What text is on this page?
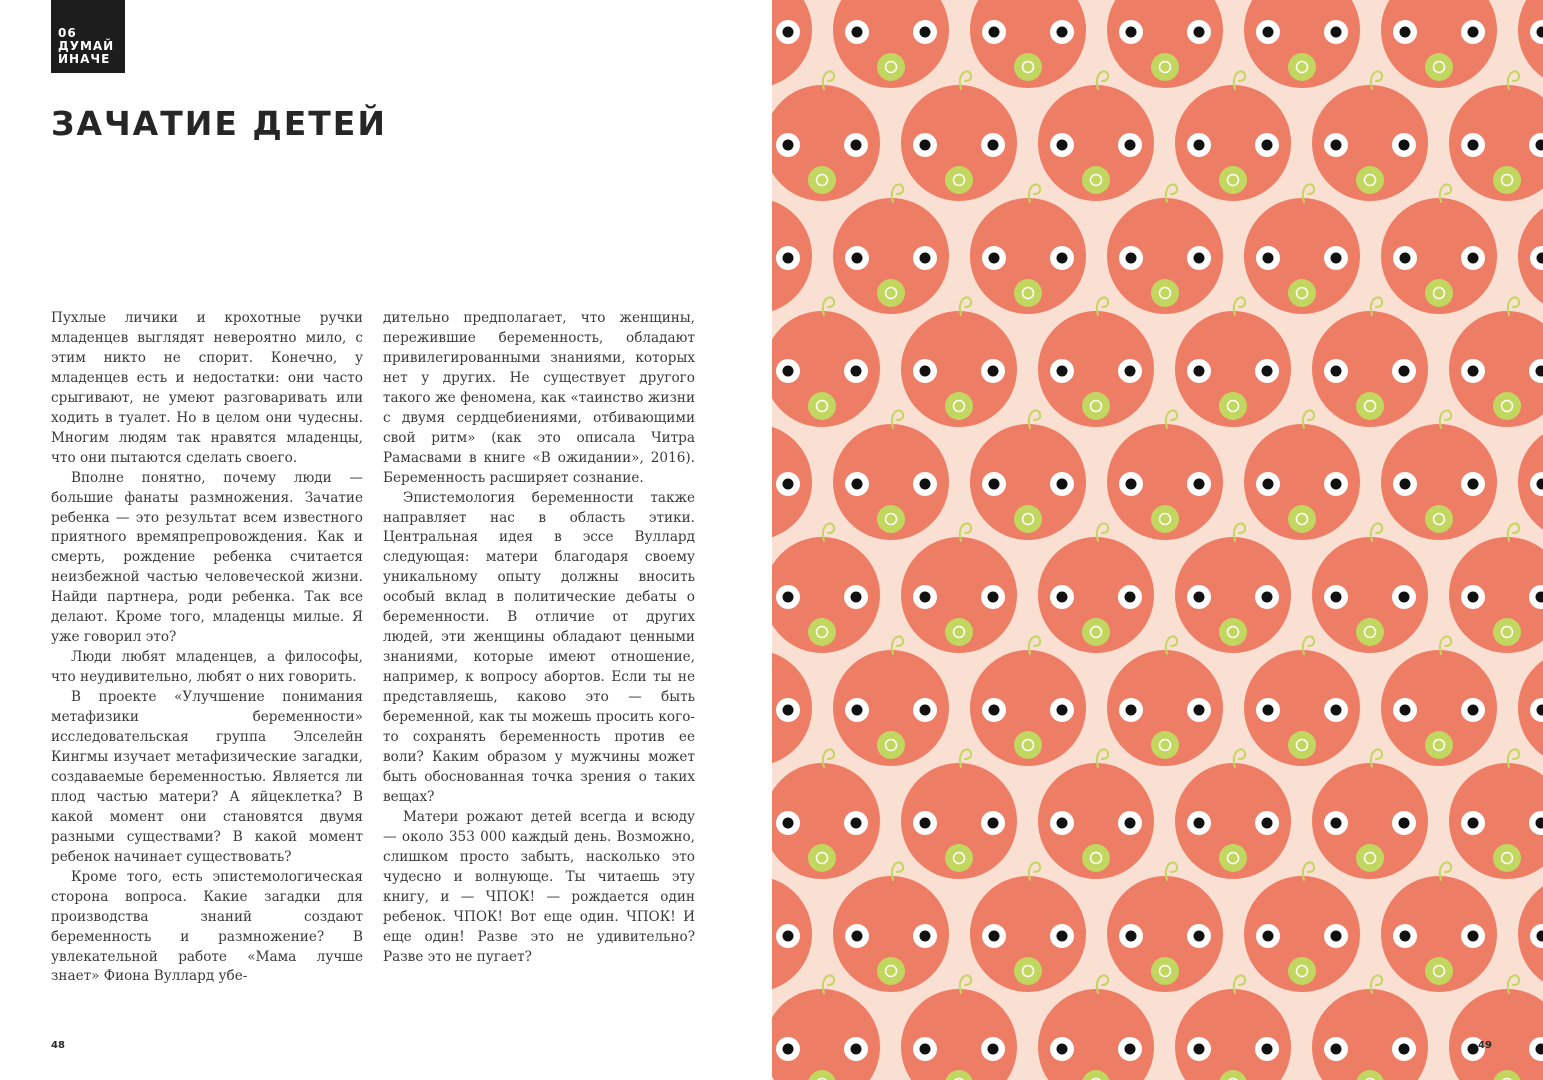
06
ДУМАЙ
ИНАЧЕ
ЗАЧАТИЕ ДЕТЕЙ

Пухлые личики и крохотные ручки младенцев выглядят невероятно мило, с этим никто не спорит. Конечно, у младенцев есть и недостатки: они часто срыгивают, не умеют разговаривать или ходить в туалет. Но в целом они чудесны. Многим людям так нравятся младенцы, что они пытаются сделать своего.

Вполне понятно, почему люди — большие фанаты размножения. Зачатие ребенка — это результат всем известного приятного времяпрепровождения. Как и смерть, рождение ребенка считается неизбежной частью человеческой жизни. Найди партнера, роди ребенка. Так все делают. Кроме того, младенцы милые. Я уже говорил это?

Люди любят младенцев, а философы, что неудивительно, любят о них говорить.

В проекте «Улучшение понимания метафизики беременности» исследовательская группа Элселейн Кингмы изучает метафизические загадки, создаваемые беременностью. Является ли плод частью матери? А яйцеклетка? В какой момент они становятся двумя разными существами? В какой момент ребенок начинает существовать?

Кроме того, есть эпистемологическая сторона вопроса. Какие загадки для производства знаний создают беременность и размножение? В увлекательной работе «Мама лучше знает» Фиона Вуллард убе-

дительно предполагает, что женщины, пережившие беременность, обладают привилегированными знаниями, которых нет у других. Не существует другого такого же феномена, как «таинство жизни с двумя сердцебиениями, отбивающими свой ритм» (как это описала Читра Рамасвами в книге «В ожидании», 2016). Беременность расширяет сознание.

Эпистемология беременности также направляет нас в область этики. Центральная идея в эссе Вуллард следующая: матери благодаря своему уникальному опыту должны вносить особый вклад в политические дебаты о беременности. В отличие от других людей, эти женщины обладают ценными знаниями, которые имеют отношение, например, к вопросу абортов. Если ты не представляешь, каково это — быть беременной, как ты можешь просить кого-то сохранять беременность против ее воли? Каким образом у мужчины может быть обоснованная точка зрения о таких вещах?

Матери рожают детей всегда и всюду — около 353 000 каждый день. Возможно, слишком просто забыть, насколько это чудесно и волнующе. Ты читаешь эту книгу, и — ЧПОК! — рождается один ребенок. ЧПОК! Вот еще один. ЧПОК! И еще один! Разве это не удивительно? Разве это не пугает?

48	49
